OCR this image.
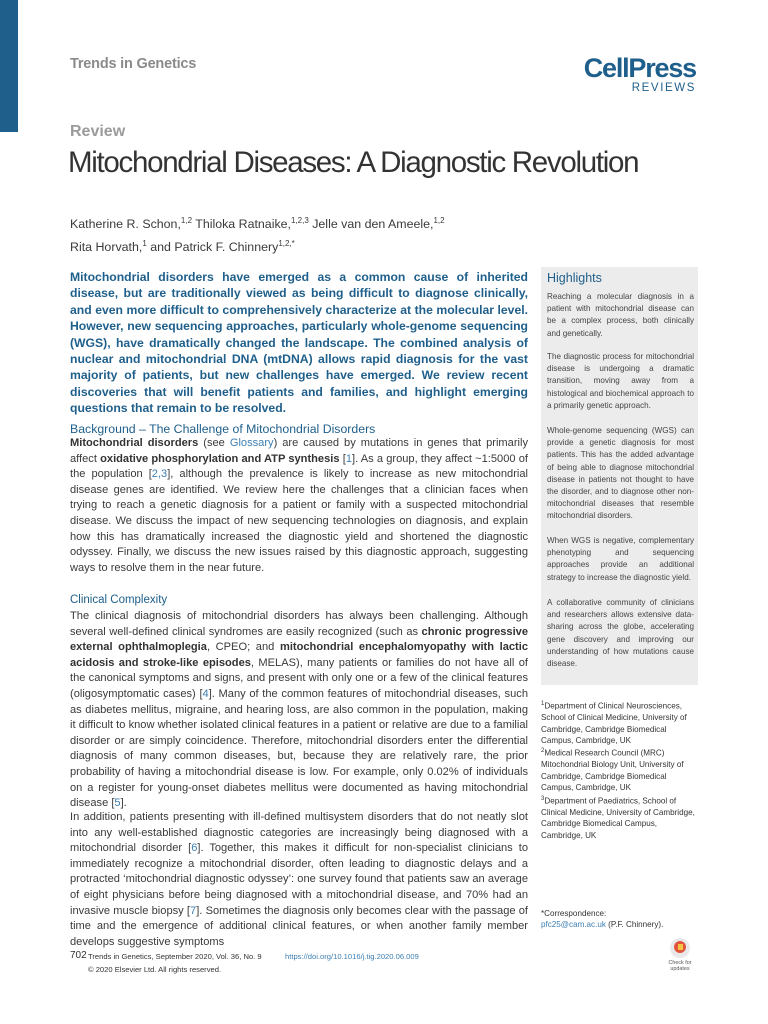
Trends in Genetics	CellPress
REVIEWS
Review
Mitochondrial Diseases: A Diagnostic Revolution
Katherine R. Schon,$^{1,2}$ Thiloka Ratnaike,$^{1,2,3}$ Jelle van den Ameele,$^{1,2}$
Rita Horvath,$^1$ and Patrick F. Chinnery$^{1,2,*}$
Mitochondrial disorders have emerged as a common cause of inherited disease, but are traditionally viewed as being difficult to diagnose clinically, and even more difficult to comprehensively characterize at the molecular level. However, new sequencing approaches, particularly whole-genome sequencing (WGS), have dramatically changed the landscape. The combined analysis of nuclear and mitochondrial DNA (mtDNA) allows rapid diagnosis for the vast majority of patients, but new challenges have emerged. We review recent discoveries that will benefit patients and families, and highlight emerging questions that remain to be resolved.
Background – The Challenge of Mitochondrial Disorders
Mitochondrial disorders (see Glossary) are caused by mutations in genes that primarily affect oxidative phosphorylation and ATP synthesis [1]. As a group, they affect ~1:5000 of the population [2,3], although the prevalence is likely to increase as new mitochondrial disease genes are identified. We review here the challenges that a clinician faces when trying to reach a genetic diagnosis for a patient or family with a suspected mitochondrial disease. We discuss the impact of new sequencing technologies on diagnosis, and explain how this has dramatically increased the diagnostic yield and shortened the diagnostic odyssey. Finally, we discuss the new issues raised by this diagnostic approach, suggesting ways to resolve them in the near future.
Clinical Complexity
The clinical diagnosis of mitochondrial disorders has always been challenging. Although several well-defined clinical syndromes are easily recognized (such as chronic progressive external ophthalmoplegia, CPEO; and mitochondrial encephalomyopathy with lactic acidosis and stroke-like episodes, MELAS), many patients or families do not have all of the canonical symptoms and signs, and present with only one or a few of the clinical features (oligosymptomatic cases) [4]. Many of the common features of mitochondrial diseases, such as diabetes mellitus, migraine, and hearing loss, are also common in the population, making it difficult to know whether isolated clinical features in a patient or relative are due to a familial disorder or are simply coincidence. Therefore, mitochondrial disorders enter the differential diagnosis of many common diseases, but, because they are relatively rare, the prior probability of having a mitochondrial disease is low. For example, only 0.02% of individuals on a register for young-onset diabetes mellitus were documented as having mitochondrial disease [5].
In addition, patients presenting with ill-defined multisystem disorders that do not neatly slot into any well-established diagnostic categories are increasingly being diagnosed with a mitochondrial disorder [6]. Together, this makes it difficult for non-specialist clinicians to immediately recognize a mitochondrial disorder, often leading to diagnostic delays and a protracted ‘mitochondrial diagnostic odyssey’: one survey found that patients saw an average of eight physicians before being diagnosed with a mitochondrial disease, and 70% had an invasive muscle biopsy [7]. Sometimes the diagnosis only becomes clear with the passage of time and the emergence of additional clinical features, or when another family member develops suggestive symptoms
Highlights
Reaching a molecular diagnosis in a patient with mitochondrial disease can be a complex process, both clinically and genetically.
The diagnostic process for mitochondrial disease is undergoing a dramatic transition, moving away from a histological and biochemical approach to a primarily genetic approach.
Whole-genome sequencing (WGS) can provide a genetic diagnosis for most patients. This has the added advantage of being able to diagnose mitochondrial disease in patients not thought to have the disorder, and to diagnose other non-mitochondrial diseases that resemble mitochondrial disorders.
When WGS is negative, complementary phenotyping and sequencing approaches provide an additional strategy to increase the diagnostic yield.
A collaborative community of clinicians and researchers allows extensive data-sharing across the globe, accelerating gene discovery and improving our understanding of how mutations cause disease.
$^1$Department of Clinical Neurosciences, School of Clinical Medicine, University of Cambridge, Cambridge Biomedical Campus, Cambridge, UK
$^2$Medical Research Council (MRC) Mitochondrial Biology Unit, University of Cambridge, Cambridge Biomedical Campus, Cambridge, UK
$^3$Department of Paediatrics, School of Clinical Medicine, University of Cambridge, Cambridge Biomedical Campus, Cambridge, UK
*Correspondence:
pfc25@cam.ac.uk (P.F. Chinnery).
702 Trends in Genetics, September 2020, Vol. 36, No. 9	https://doi.org/10.1016/j.tig.2020.06.009
© 2020 Elsevier Ltd. All rights reserved.
Check for
updates
